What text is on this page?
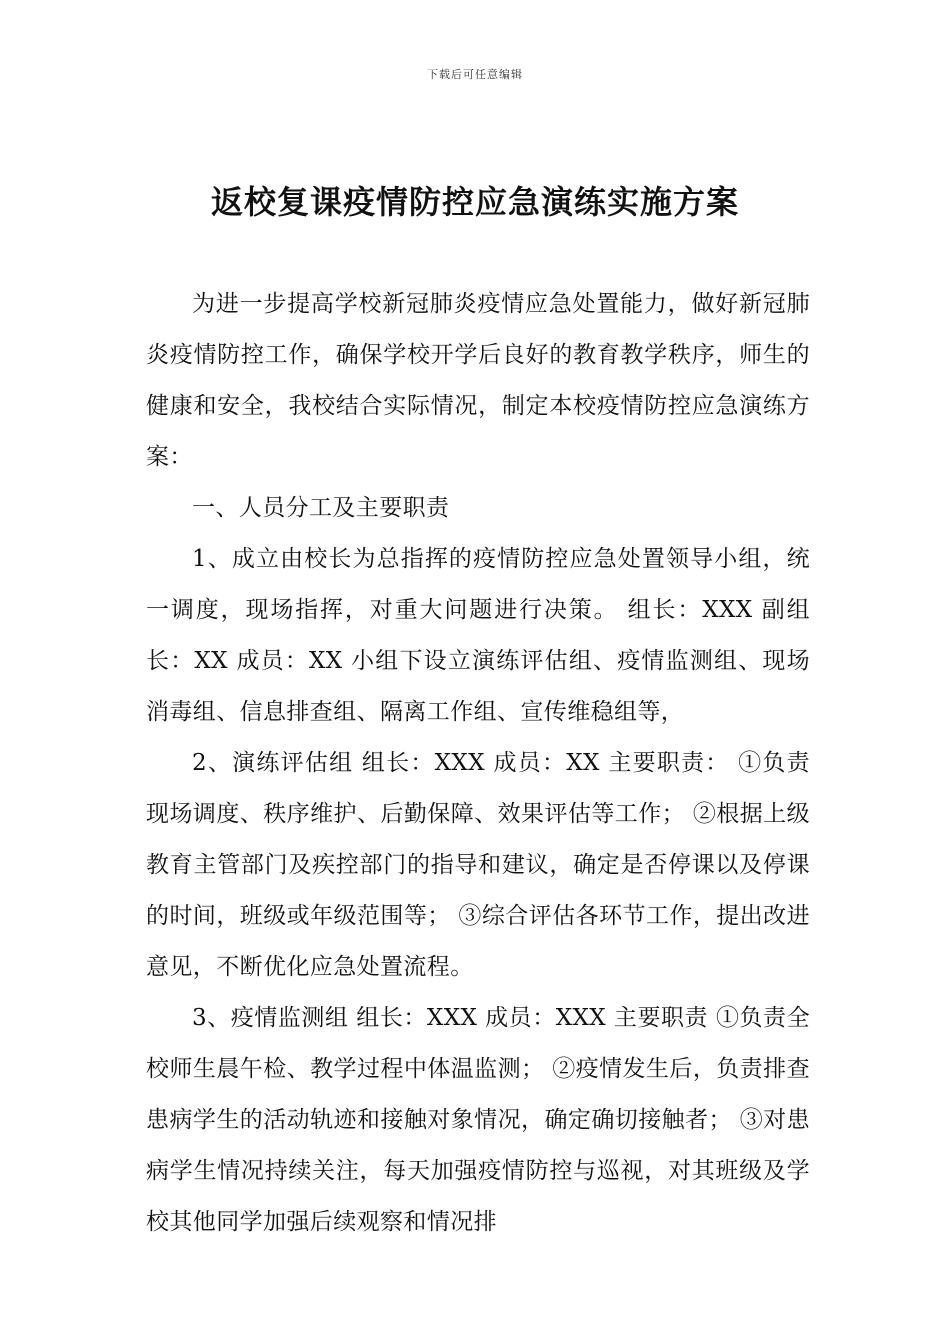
下载后可任意编辑
返校复课疫情防控应急演练实施方案

为进一步提高学校新冠肺炎疫情应急处置能力，做好新冠肺炎疫情防控工作，确保学校开学后良好的教育教学秩序，师生的健康和安全，我校结合实际情况，制定本校疫情防控应急演练方案：

一、人员分工及主要职责

1、成立由校长为总指挥的疫情防控应急处置领导小组，统一调度，现场指挥，对重大问题进行决策。 组长：XXX 副组长：XX 成员：XX 小组下设立演练评估组、疫情监测组、现场消毒组、信息排查组、隔离工作组、宣传维稳组等，

2、演练评估组 组长：XXX 成员：XX 主要职责： ①负责现场调度、秩序维护、后勤保障、效果评估等工作； ②根据上级教育主管部门及疾控部门的指导和建议，确定是否停课以及停课的时间，班级或年级范围等； ③综合评估各环节工作，提出改进意见，不断优化应急处置流程。

3、疫情监测组 组长：XXX 成员：XXX 主要职责 ①负责全校师生晨午检、教学过程中体温监测； ②疫情发生后，负责排查患病学生的活动轨迹和接触对象情况，确定确切接触者； ③对患病学生情况持续关注，每天加强疫情防控与巡视，对其班级及学校其他同学加强后续观察和情况排
